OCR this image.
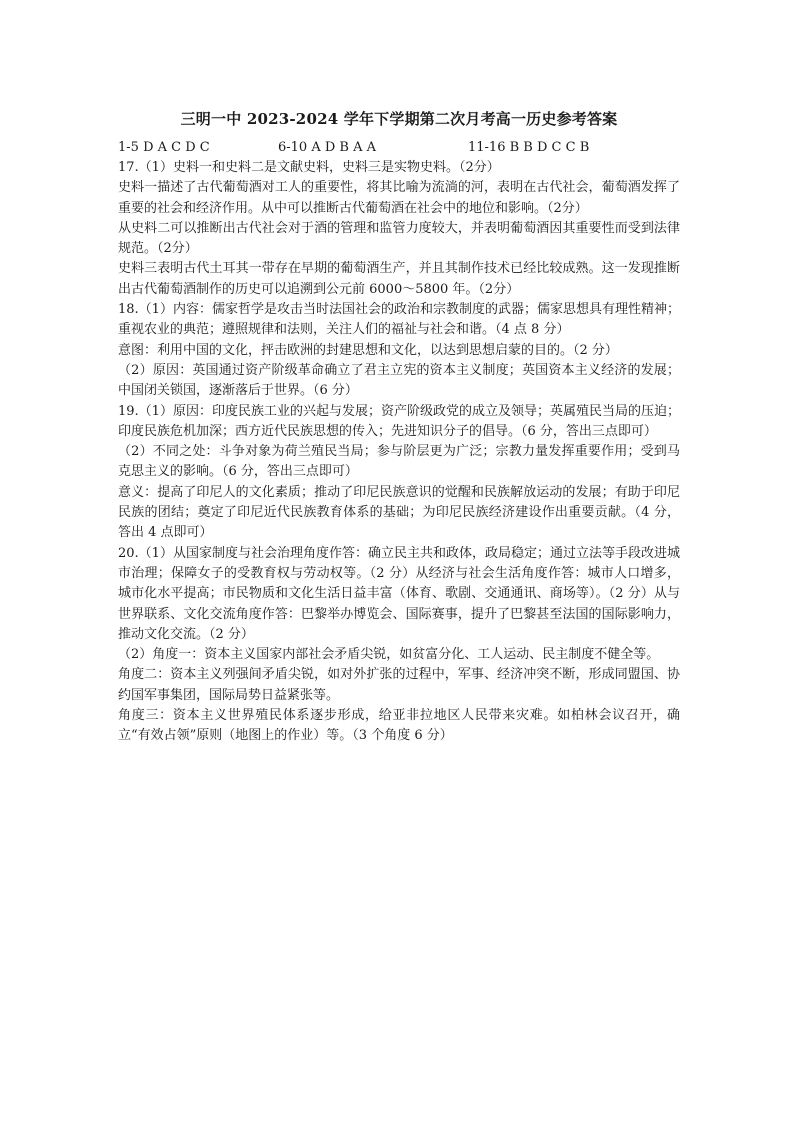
三明一中 2023-2024 学年下学期第二次月考高一历史参考答案
1-5 D A C D C	6-10 A D B A A	11-16 B B D C C B

17.（1）史料一和史料二是文献史料，史料三是实物史料。（2分）

史料一描述了古代葡萄酒对工人的重要性，将其比喻为流淌的河，表明在古代社会，葡萄酒发挥了重要的社会和经济作用。从中可以推断古代葡萄酒在社会中的地位和影响。（2分）

从史料二可以推断出古代社会对于酒的管理和监管力度较大，并表明葡萄酒因其重要性而受到法律规范。（2分）

史料三表明古代土耳其一带存在早期的葡萄酒生产，并且其制作技术已经比较成熟。这一发现推断出古代葡萄酒制作的历史可以追溯到公元前 6000～5800 年。（2分）

18.（1）内容：儒家哲学是攻击当时法国社会的政治和宗教制度的武器；儒家思想具有理性精神；重视农业的典范；遵照规律和法则，关注人们的福祉与社会和谐。（4 点 8 分）

意图：利用中国的文化，抨击欧洲的封建思想和文化，以达到思想启蒙的目的。（2 分）

（2）原因：英国通过资产阶级革命确立了君主立宪的资本主义制度；英国资本主义经济的发展；中国闭关锁国，逐渐落后于世界。（6 分）

19.（1）原因：印度民族工业的兴起与发展；资产阶级政党的成立及领导；英属殖民当局的压迫；印度民族危机加深；西方近代民族思想的传入；先进知识分子的倡导。（6 分，答出三点即可）

（2）不同之处：斗争对象为荷兰殖民当局；参与阶层更为广泛；宗教力量发挥重要作用；受到马克思主义的影响。（6 分，答出三点即可）

意义：提高了印尼人的文化素质；推动了印尼民族意识的觉醒和民族解放运动的发展；有助于印尼民族的团结；奠定了印尼近代民族教育体系的基础；为印尼民族经济建设作出重要贡献。（4 分，答出 4 点即可）

20.（1）从国家制度与社会治理角度作答：确立民主共和政体，政局稳定；通过立法等手段改进城市治理；保障女子的受教育权与劳动权等。（2 分）从经济与社会生活角度作答：城市人口增多，城市化水平提高；市民物质和文化生活日益丰富（体育、歌剧、交通通讯、商场等）。（2 分）从与世界联系、文化交流角度作答：巴黎举办博览会、国际赛事，提升了巴黎甚至法国的国际影响力，推动文化交流。（2 分）

（2）角度一：资本主义国家内部社会矛盾尖锐，如贫富分化、工人运动、民主制度不健全等。

角度二：资本主义列强间矛盾尖锐，如对外扩张的过程中，军事、经济冲突不断，形成同盟国、协约国军事集团，国际局势日益紧张等。

角度三：资本主义世界殖民体系逐步形成，给亚非拉地区人民带来灾难。如柏林会议召开，确立“有效占领”原则（地图上的作业）等。（3 个角度 6 分）
